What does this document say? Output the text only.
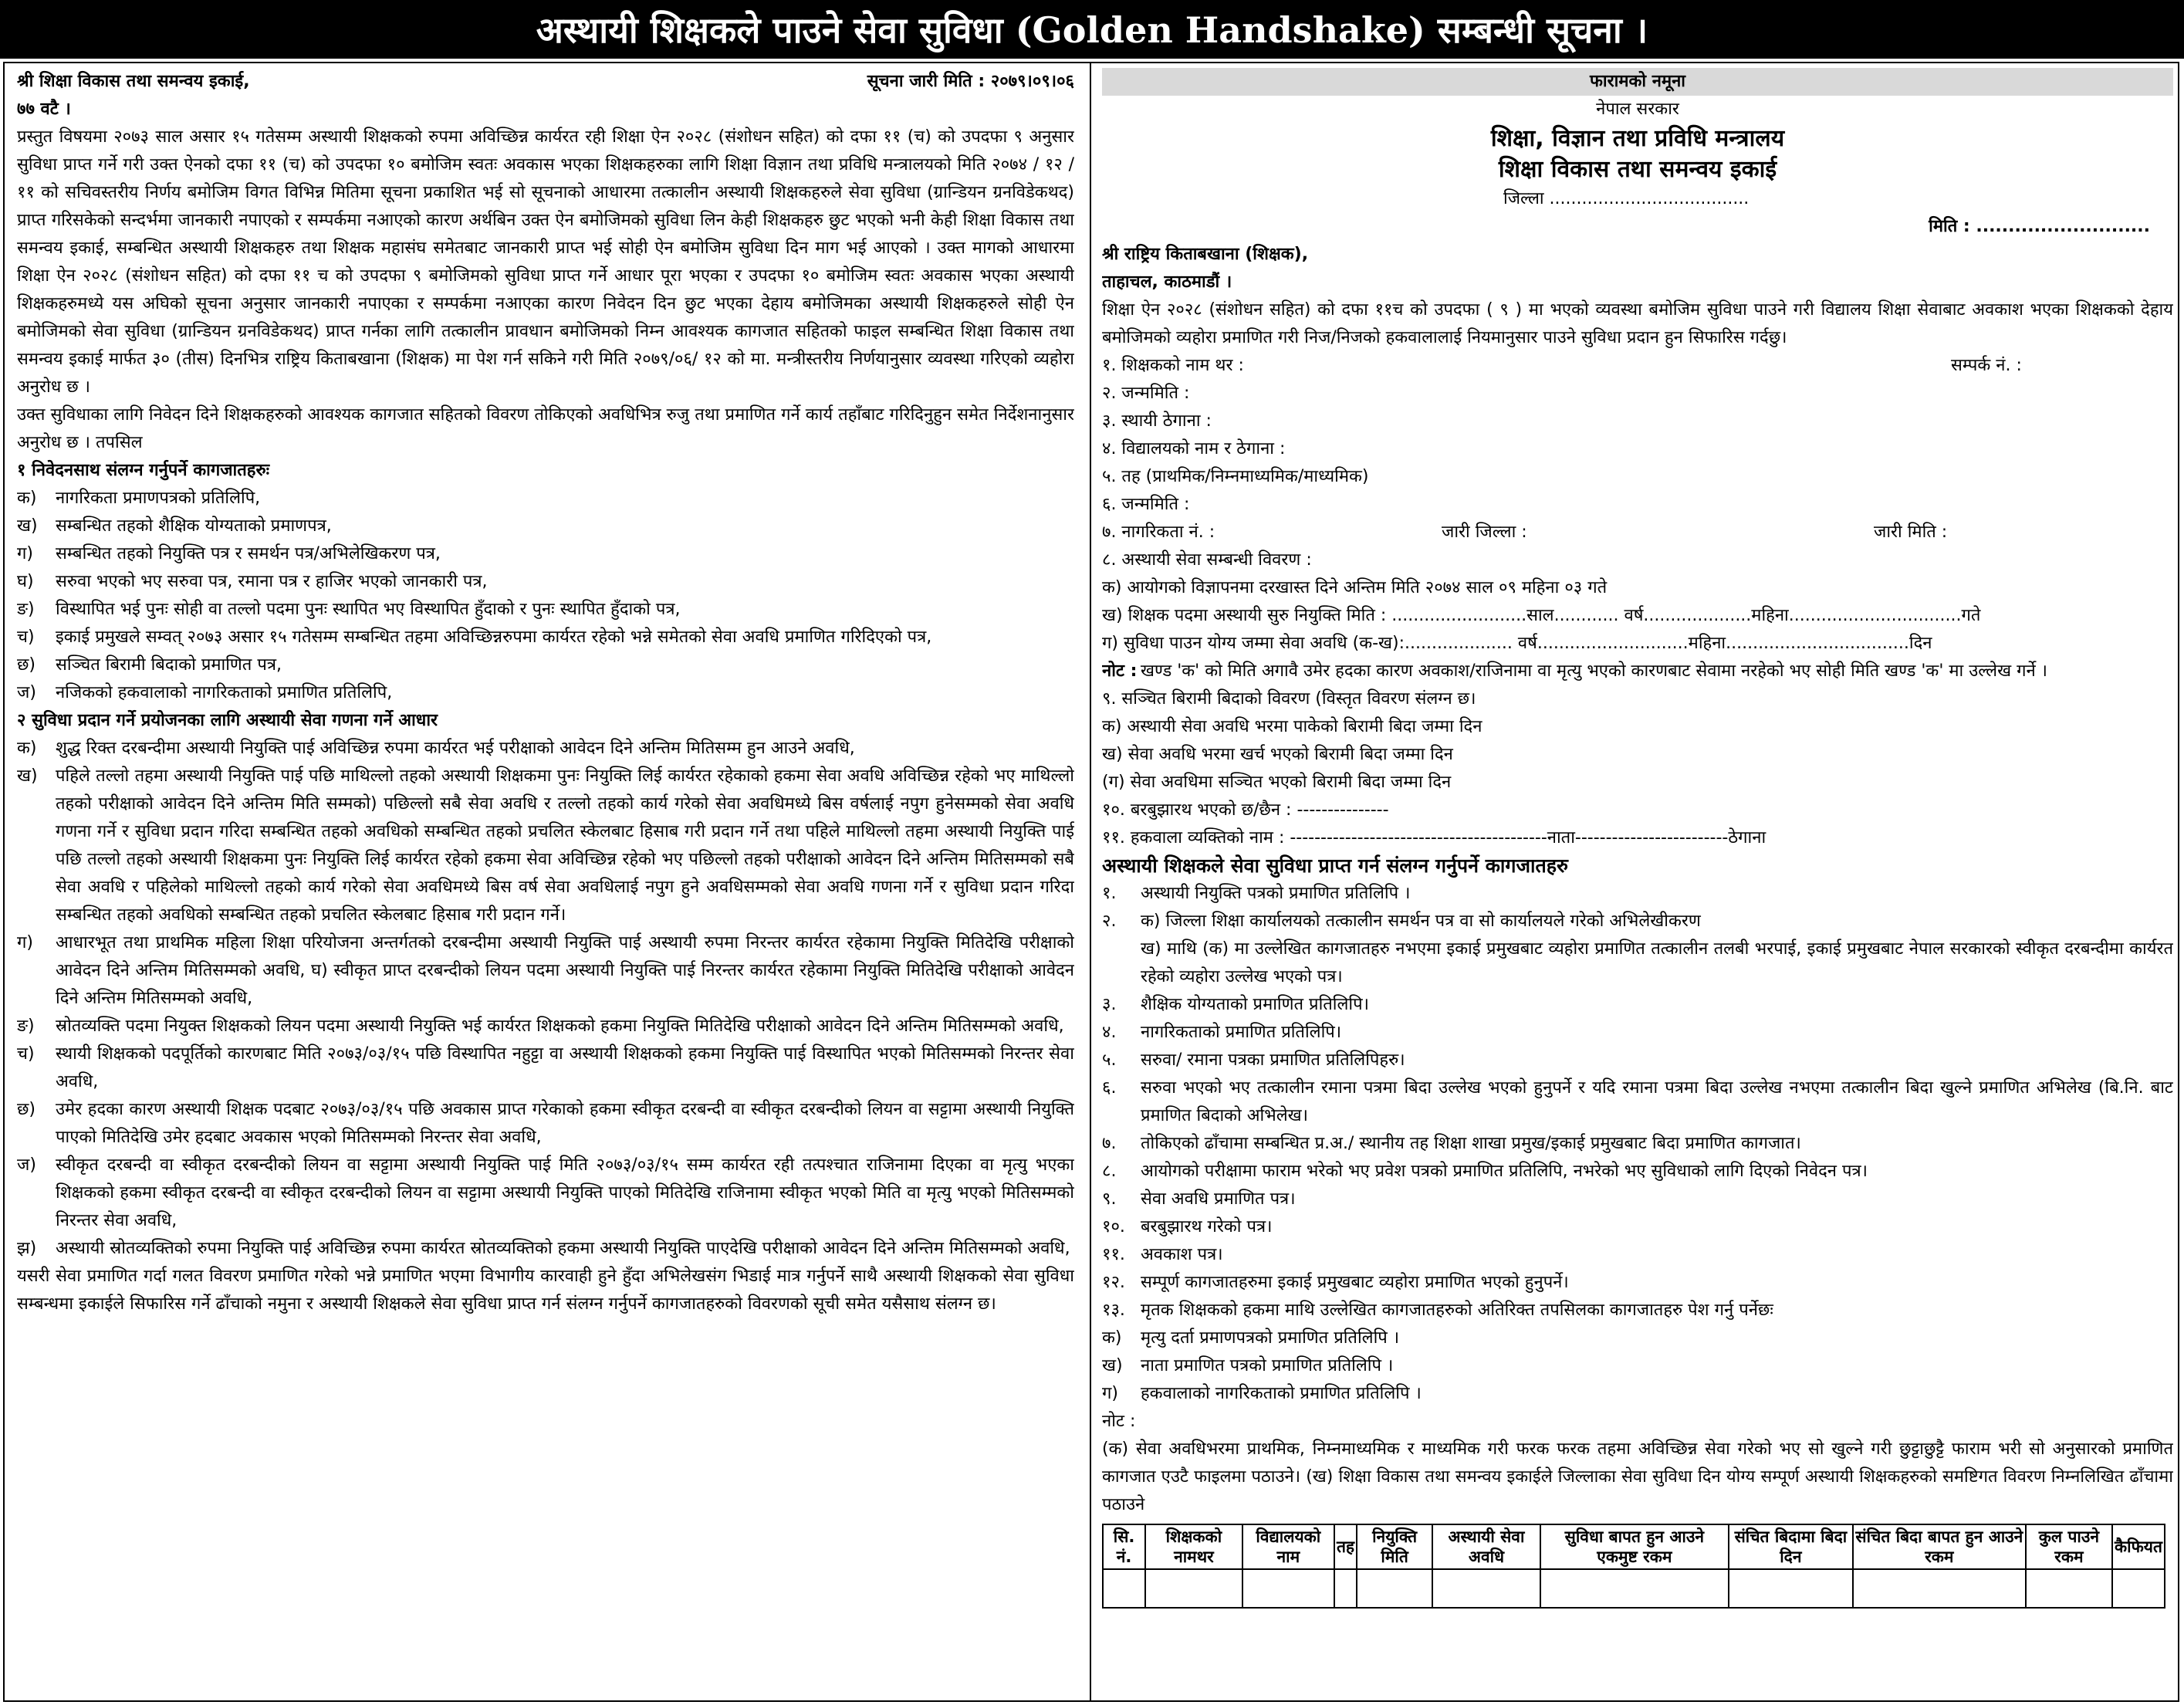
अस्थायी शिक्षकले पाउने सेवा सुविधा (Golden Handshake) सम्बन्धी सूचना ।
श्री शिक्षा विकास तथा समन्वय इकाई,	सूचना जारी मिति : २०७९।०९।०६
७७ वटै ।

प्रस्तुत विषयमा २०७३ साल असार १५ गतेसम्म अस्थायी शिक्षकको रुपमा अविच्छिन्न कार्यरत रही शिक्षा ऐन २०२८ (संशोधन सहित) को दफा ११ (च) को उपदफा ९ अनुसार सुविधा प्राप्त गर्ने गरी उक्त ऐनको दफा ११ (च) को उपदफा १० बमोजिम स्वतः अवकास भएका शिक्षकहरुका लागि शिक्षा विज्ञान तथा प्रविधि मन्त्रालयको मिति २०७४ / १२ / ११ को सचिवस्तरीय निर्णय बमोजिम विगत विभिन्न मितिमा सूचना प्रकाशित भई सो सूचनाको आधारमा तत्कालीन अस्थायी शिक्षकहरुले सेवा सुविधा (ग्रान्डियन ग्रनविडेकथद) प्राप्त गरिसकेको सन्दर्भमा जानकारी नपाएको र सम्पर्कमा नआएको कारण अर्थबिन उक्त ऐन बमोजिमको सुविधा लिन केही शिक्षकहरु छुट भएको भनी केही शिक्षा विकास तथा समन्वय इकाई, सम्बन्धित अस्थायी शिक्षकहरु तथा शिक्षक महासंघ समेतबाट जानकारी प्राप्त भई सोही ऐन बमोजिम सुविधा दिन माग भई आएको । उक्त मागको आधारमा शिक्षा ऐन २०२८ (संशोधन सहित) को दफा ११ च को उपदफा ९ बमोजिमको सुविधा प्राप्त गर्ने आधार पूरा भएका र उपदफा १० बमोजिम स्वतः अवकास भएका अस्थायी शिक्षकहरुमध्ये यस अघिको सूचना अनुसार जानकारी नपाएका र सम्पर्कमा नआएका कारण निवेदन दिन छुट भएका देहाय बमोजिमका अस्थायी शिक्षकहरुले सोही ऐन बमोजिमको सेवा सुविधा (ग्रान्डियन ग्रनविडेकथद) प्राप्त गर्नका लागि तत्कालीन प्रावधान बमोजिमको निम्न आवश्यक कागजात सहितको फाइल सम्बन्धित शिक्षा विकास तथा समन्वय इकाई मार्फत ३० (तीस) दिनभित्र राष्ट्रिय किताबखाना (शिक्षक) मा पेश गर्न सकिने गरी मिति २०७९/०६/ १२ को मा. मन्त्रीस्तरीय निर्णयानुसार व्यवस्था गरिएको व्यहोरा अनुरोध छ ।

उक्त सुविधाका लागि निवेदन दिने शिक्षकहरुको आवश्यक कागजात सहितको विवरण तोकिएको अवधिभित्र रुजु तथा प्रमाणित गर्ने कार्य तहाँबाट गरिदिनुहुन समेत निर्देशनानुसार अनुरोध छ । तपसिल

१ निवेदनसाथ संलग्न गर्नुपर्ने कागजातहरुः
क)	नागरिकता प्रमाणपत्रको प्रतिलिपि,
ख)	सम्बन्धित तहको शैक्षिक योग्यताको प्रमाणपत्र,
ग)	सम्बन्धित तहको नियुक्ति पत्र र समर्थन पत्र/अभिलेखिकरण पत्र,
घ)	सरुवा भएको भए सरुवा पत्र, रमाना पत्र र हाजिर भएको जानकारी पत्र,
ङ)	विस्थापित भई पुनः सोही वा तल्लो पदमा पुनः स्थापित भए विस्थापित हुँदाको र पुनः स्थापित हुँदाको पत्र,
च)	इकाई प्रमुखले सम्वत् २०७३ असार १५ गतेसम्म सम्बन्धित तहमा अविच्छिन्नरुपमा कार्यरत रहेको भन्ने समेतको सेवा अवधि प्रमाणित गरिदिएको पत्र,
छ)	सञ्चित बिरामी बिदाको प्रमाणित पत्र,
ज)	नजिकको हकवालाको नागरिकताको प्रमाणित प्रतिलिपि,
२ सुविधा प्रदान गर्ने प्रयोजनका लागि अस्थायी सेवा गणना गर्ने आधार
क)	शुद्ध रिक्त दरबन्दीमा अस्थायी नियुक्ति पाई अविच्छिन्न रुपमा कार्यरत भई परीक्षाको आवेदन दिने अन्तिम मितिसम्म हुन आउने अवधि,
ख)	पहिले तल्लो तहमा अस्थायी नियुक्ति पाई पछि माथिल्लो तहको अस्थायी शिक्षकमा पुनः नियुक्ति लिई कार्यरत रहेकाको हकमा सेवा अवधि अविच्छिन्न रहेको भए माथिल्लो तहको परीक्षाको आवेदन दिने अन्तिम मिति सम्मको) पछिल्लो सबै सेवा अवधि र तल्लो तहको कार्य गरेको सेवा अवधिमध्ये बिस वर्षलाई नपुग हुनेसम्मको सेवा अवधि गणना गर्ने र सुविधा प्रदान गरिदा सम्बन्धित तहको अवधिको सम्बन्धित तहको प्रचलित स्केलबाट हिसाब गरी प्रदान गर्ने तथा पहिले माथिल्लो तहमा अस्थायी नियुक्ति पाई पछि तल्लो तहको अस्थायी शिक्षकमा पुनः नियुक्ति लिई कार्यरत रहेको हकमा सेवा अविच्छिन्न रहेको भए पछिल्लो तहको परीक्षाको आवेदन दिने अन्तिम मितिसम्मको सबै सेवा अवधि र पहिलेको माथिल्लो तहको कार्य गरेको सेवा अवधिमध्ये बिस वर्ष सेवा अवधिलाई नपुग हुने अवधिसम्मको सेवा अवधि गणना गर्ने र सुविधा प्रदान गरिदा सम्बन्धित तहको अवधिको सम्बन्धित तहको प्रचलित स्केलबाट हिसाब गरी प्रदान गर्ने।
ग)	आधारभूत तथा प्राथमिक महिला शिक्षा परियोजना अन्तर्गतको दरबन्दीमा अस्थायी नियुक्ति पाई अस्थायी रुपमा निरन्तर कार्यरत रहेकामा नियुक्ति मितिदेखि परीक्षाको आवेदन दिने अन्तिम मितिसम्मको अवधि, घ) स्वीकृत प्राप्त दरबन्दीको लियन पदमा अस्थायी नियुक्ति पाई निरन्तर कार्यरत रहेकामा नियुक्ति मितिदेखि परीक्षाको आवेदन दिने अन्तिम मितिसम्मको अवधि,
ङ)	स्रोतव्यक्ति पदमा नियुक्त शिक्षकको लियन पदमा अस्थायी नियुक्ति भई कार्यरत शिक्षकको हकमा नियुक्ति मितिदेखि परीक्षाको आवेदन दिने अन्तिम मितिसम्मको अवधि,
च)	स्थायी शिक्षकको पदपूर्तिको कारणबाट मिति २०७३/०३/१५ पछि विस्थापित नहुट्टा वा अस्थायी शिक्षकको हकमा नियुक्ति पाई विस्थापित भएको मितिसम्मको निरन्तर सेवा अवधि,
छ)	उमेर हदका कारण अस्थायी शिक्षक पदबाट २०७३/०३/१५ पछि अवकास प्राप्त गरेकाको हकमा स्वीकृत दरबन्दी वा स्वीकृत दरबन्दीको लियन वा सट्टामा अस्थायी नियुक्ति पाएको मितिदेखि उमेर हदबाट अवकास भएको मितिसम्मको निरन्तर सेवा अवधि,
ज)	स्वीकृत दरबन्दी वा स्वीकृत दरबन्दीको लियन वा सट्टामा अस्थायी नियुक्ति पाई मिति २०७३/०३/१५ सम्म कार्यरत रही तत्पश्चात राजिनामा दिएका वा मृत्यु भएका शिक्षकको हकमा स्वीकृत दरबन्दी वा स्वीकृत दरबन्दीको लियन वा सट्टामा अस्थायी नियुक्ति पाएको मितिदेखि राजिनामा स्वीकृत भएको मिति वा मृत्यु भएको मितिसम्मको निरन्तर सेवा अवधि,
झ)	अस्थायी स्रोतव्यक्तिको रुपमा नियुक्ति पाई अविच्छिन्न रुपमा कार्यरत स्रोतव्यक्तिको हकमा अस्थायी नियुक्ति पाएदेखि परीक्षाको आवेदन दिने अन्तिम मितिसम्मको अवधि,

यसरी सेवा प्रमाणित गर्दा गलत विवरण प्रमाणित गरेको भन्ने प्रमाणित भएमा विभागीय कारवाही हुने हुँदा अभिलेखसंग भिडाई मात्र गर्नुपर्ने साथै अस्थायी शिक्षकको सेवा सुविधा सम्बन्धमा इकाईले सिफारिस गर्ने ढाँचाको नमुना र अस्थायी शिक्षकले सेवा सुविधा प्राप्त गर्न संलग्न गर्नुपर्ने कागजातहरुको विवरणको सूची समेत यसैसाथ संलग्न छ।

फारामको नमूना
नेपाल सरकार
शिक्षा, विज्ञान तथा प्रविधि मन्त्रालय
शिक्षा विकास तथा समन्वय इकाई
जिल्ला .....................................
मिति : ...........................
श्री राष्ट्रिय किताबखाना (शिक्षक),
ताहाचल, काठमाडौं ।

शिक्षा ऐन २०२८ (संशोधन सहित) को दफा ११च को उपदफा ( ९ ) मा भएको व्यवस्था बमोजिम सुविधा पाउने गरी विद्यालय शिक्षा सेवाबाट अवकाश भएका शिक्षकको देहाय बमोजिमको व्यहोरा प्रमाणित गरी निज/निजको हकवालालाई नियमानुसार पाउने सुविधा प्रदान हुन सिफारिस गर्दछु।

१. शिक्षकको नाम थर :	सम्पर्क नं. :
२. जन्ममिति :
३. स्थायी ठेगाना :
४. विद्यालयको नाम र ठेगाना :
५. तह (प्राथमिक/निम्नमाध्यमिक/माध्यमिक)
६. जन्ममिति :
७. नागरिकता नं. :	जारी जिल्ला :	जारी मिति :
८. अस्थायी सेवा सम्बन्धी विवरण :
क) आयोगको विज्ञापनमा दरखास्त दिने अन्तिम मिति २०७४ साल ०९ महिना ०३ गते
ख) शिक्षक पदमा अस्थायी सुरु नियुक्ति मिति : .........................साल............ वर्ष....................महिना................................गते
ग) सुविधा पाउन योग्य जम्मा सेवा अवधि (क-ख):.................... वर्ष............................महिना..................................दिन
नोट : खण्ड 'क' को मिति अगावै उमेर हदका कारण अवकाश/राजिनामा वा मृत्यु भएको कारणबाट सेवामा नरहेको भए सोही मिति खण्ड 'क' मा उल्लेख गर्ने ।
९. सञ्चित बिरामी बिदाको विवरण (विस्तृत विवरण संलग्न छ।
क) अस्थायी सेवा अवधि भरमा पाकेको बिरामी बिदा जम्मा दिन
ख) सेवा अवधि भरमा खर्च भएको बिरामी बिदा जम्मा दिन
(ग) सेवा अवधिमा सञ्चित भएको बिरामी बिदा जम्मा दिन
१०. बरबुझारथ भएको छ/छैन : ---------------
११. हकवाला व्यक्तिको नाम : ------------------------------------------नाता-------------------------ठेगाना
अस्थायी शिक्षकले सेवा सुविधा प्राप्त गर्न संलग्न गर्नुपर्ने कागजातहरु
१.	अस्थायी नियुक्ति पत्रको प्रमाणित प्रतिलिपि ।
२.	क) जिल्ला शिक्षा कार्यालयको तत्कालीन समर्थन पत्र वा सो कार्यालयले गरेको अभिलेखीकरण
ख) माथि (क) मा उल्लेखित कागजातहरु नभएमा इकाई प्रमुखबाट व्यहोरा प्रमाणित तत्कालीन तलबी भरपाई, इकाई प्रमुखबाट नेपाल सरकारको स्वीकृत दरबन्दीमा कार्यरत रहेको व्यहोरा उल्लेख भएको पत्र।
३.	शैक्षिक योग्यताको प्रमाणित प्रतिलिपि।
४.	नागरिकताको प्रमाणित प्रतिलिपि।
५.	सरुवा/ रमाना पत्रका प्रमाणित प्रतिलिपिहरु।
६.	सरुवा भएको भए तत्कालीन रमाना पत्रमा बिदा उल्लेख भएको हुनुपर्ने र यदि रमाना पत्रमा बिदा उल्लेख नभएमा तत्कालीन बिदा खुल्ने प्रमाणित अभिलेख (बि.नि. बाट प्रमाणित बिदाको अभिलेख।
७.	तोकिएको ढाँचामा सम्बन्धित प्र.अ./ स्थानीय तह शिक्षा शाखा प्रमुख/इकाई प्रमुखबाट बिदा प्रमाणित कागजात।
८.	आयोगको परीक्षामा फाराम भरेको भए प्रवेश पत्रको प्रमाणित प्रतिलिपि, नभरेको भए सुविधाको लागि दिएको निवेदन पत्र।
९.	सेवा अवधि प्रमाणित पत्र।
१०. बरबुझारथ गरेको पत्र।
११. अवकाश पत्र।
१२. सम्पूर्ण कागजातहरुमा इकाई प्रमुखबाट व्यहोरा प्रमाणित भएको हुनुपर्ने।
१३. मृतक शिक्षकको हकमा माथि उल्लेखित कागजातहरुको अतिरिक्त तपसिलका कागजातहरु पेश गर्नु पर्नेछः
क)	मृत्यु दर्ता प्रमाणपत्रको प्रमाणित प्रतिलिपि ।
ख)	नाता प्रमाणित पत्रको प्रमाणित प्रतिलिपि ।
ग)	हकवालाको नागरिकताको प्रमाणित प्रतिलिपि ।
नोट :

(क) सेवा अवधिभरमा प्राथमिक, निम्नमाध्यमिक र माध्यमिक गरी फरक फरक तहमा अविच्छिन्न सेवा गरेको भए सो खुल्ने गरी छुट्टाछुट्टै फाराम भरी सो अनुसारको प्रमाणित कागजात एउटै फाइलमा पठाउने। (ख) शिक्षा विकास तथा समन्वय इकाईले जिल्लाका सेवा सुविधा दिन योग्य सम्पूर्ण अस्थायी शिक्षकहरुको समष्टिगत विवरण निम्नलिखित ढाँचामा पठाउने

सि. नं.	शिक्षकको नामथर	विद्यालयको नाम	तह	नियुक्ति मिति	अस्थायी सेवा अवधि	सुविधा बापत हुन आउने एकमुष्ट रकम	संचित बिदामा बिदा दिन	संचित बिदा बापत हुन आउने रकम	कुल पाउने रकम	कैफियत
